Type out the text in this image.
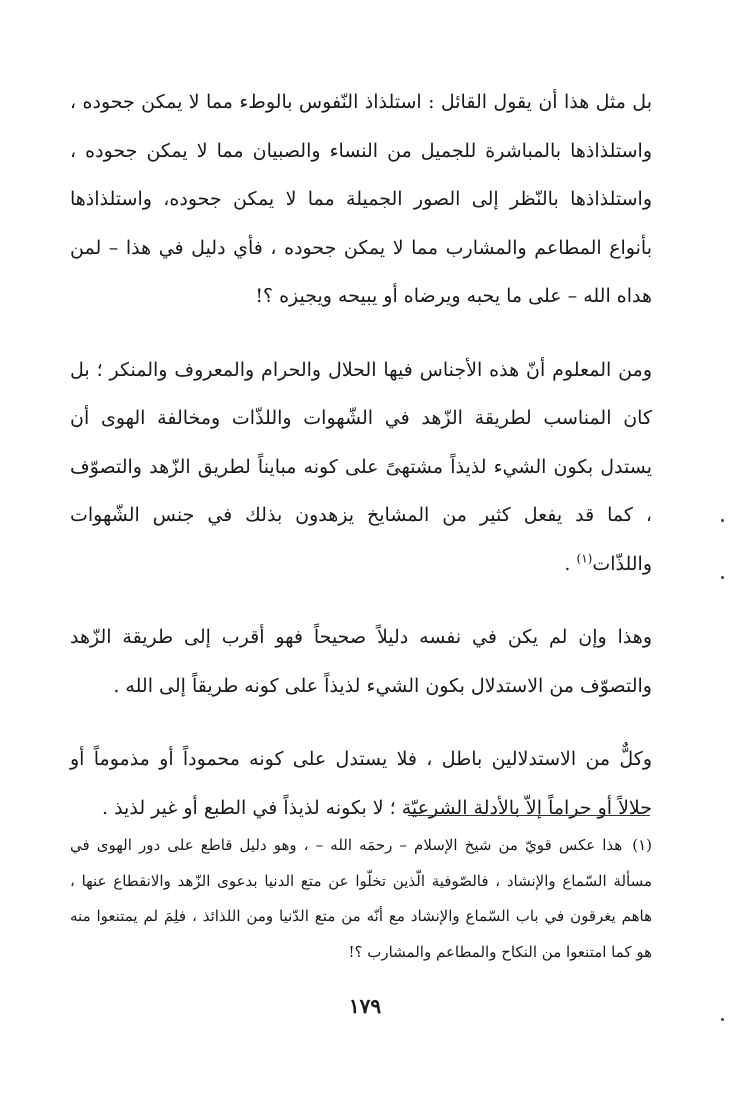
بل مثل هذا أن يقول القائل : استلذاذ النّفوس بالوطء مما لا يمكن جحوده ، واستلذاذها بالمباشرة للجميل من النساء والصبيان مما لا يمكن جحوده ، واستلذاذها بالنّظر إلى الصور الجميلة مما لا يمكن جحوده، واستلذاذها بأنواع المطاعم والمشارب مما لا يمكن جحوده ، فأي دليل في هذا – لمن هداه الله – على ما يحبه ويرضاه أو يبيحه ويجيزه ؟!

ومن المعلوم أنّ هذه الأجناس فيها الحلال والحرام والمعروف والمنكر ؛ بل كان المناسب لطريقة الزّهد في الشّهوات واللذّات ومخالفة الهوى أن يستدل بكون الشيء لذيذاً مشتهىً على كونه مبايناً لطريق الزّهد والتصوّف ، كما قد يفعل كثير من المشايخ يزهدون بذلك في جنس الشّهوات واللذّات$^{(١)}$ .

وهذا وإن لم يكن في نفسه دليلاً صحيحاً فهو أقرب إلى طريقة الزّهد والتصوّف من الاستدلال بكون الشيء لذيذاً على كونه طريقاً إلى الله .

وكلٌّ من الاستدلالين باطل ، فلا يستدل على كونه محموداً أو مذموماً أو حلالاً أو حراماً إلاّ بالأدلة الشرعيّة ؛ لا بكونه لذيذاً في الطبع أو غير لذيذ .

(١)هذا عكس قويّ من شيخ الإسلام – رحمَه الله – ، وهو دليل قاطع على دور الهوى في مسألة السّماع والإنشاد ، فالصّوفية الّذين تخلّوا عن متع الدنيا بدعوى الزّهد والانقطاع عنها ، هاهم يغرقون في باب السّماع والإنشاد مع أنّه من متع الدّنيا ومن اللذائذ ، فلِمَ لم يمتنعوا منه هو كما امتنعوا من النكاح والمطاعم والمشارب ؟!

١٧٩
